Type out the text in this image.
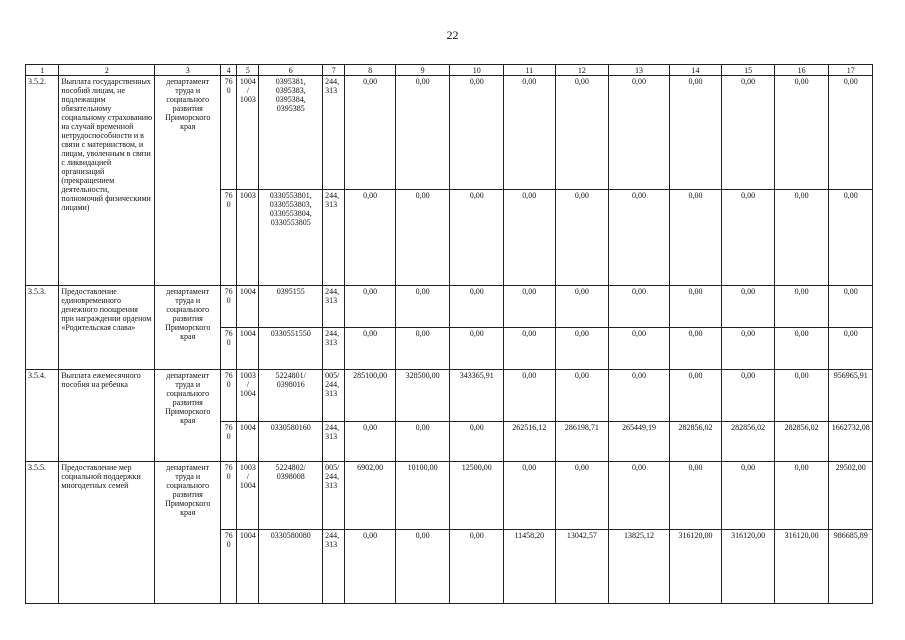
22
1	2	3	4	5	6	7	8	9	10	11	12	13	14	15	16	17
3.5.2.	Выплата государственных пособий лицам, не подлежащим обязательному социальному страхованию на случай временной нетрудоспособности и в связи с материнством, и лицам, уволенным в связи с ликвидацией организаций (прекращением деятельности, полномочий физическими лицами)	департамент труда и социального развития Приморского края	760	1004/ 1003	0395381, 0395383, 0395384, 0395385	244, 313	0,00	0,00	0,00	0,00	0,00	0,00	0,00	0,00	0,00	0,00
			760	1003	0330553801, 0330553803, 0330553804, 0330553805	244, 313	0,00	0,00	0,00	0,00	0,00	0,00	0,00	0,00	0,00	0,00
3.5.3.	Предоставление единовременного денежного поощрения при награждении орденом «Родительская слава»	департамент труда и социального развития Приморского края	760	1004	0395155	244, 313	0,00	0,00	0,00	0,00	0,00	0,00	0,00	0,00	0,00	0,00
			760	1004	0330551550	244, 313	0,00	0,00	0,00	0,00	0,00	0,00	0,00	0,00	0,00	0,00
3.5.4.	Выплата ежемесячного пособия на ребенка	департамент труда и социального развития Приморского края	760	1003/ 1004	5224801/ 0398016	005/ 244, 313	285100,00	328500,00	343365,91	0,00	0,00	0,00	0,00	0,00	0,00	956965,91
			760	1004	0330580160	244, 313	0,00	0,00	0,00	262516,12	286198,71	265449,19	282856,02	282856,02	282856,02	1662732,08
3.5.5.	Предоставление мер социальной поддержки многодетных семей	департамент труда и социального развития Приморского края	760	1003/ 1004	5224802/ 0398008	005/ 244, 313	6902,00	10100,00	12500,00	0,00	0,00	0,00	0,00	0,00	0,00	29502,00
			760	1004	0330580080	244, 313	0,00	0,00	0,00	11458,20	13042,57	13825,12	316120,00	316120,00	316120,00	986685,89
